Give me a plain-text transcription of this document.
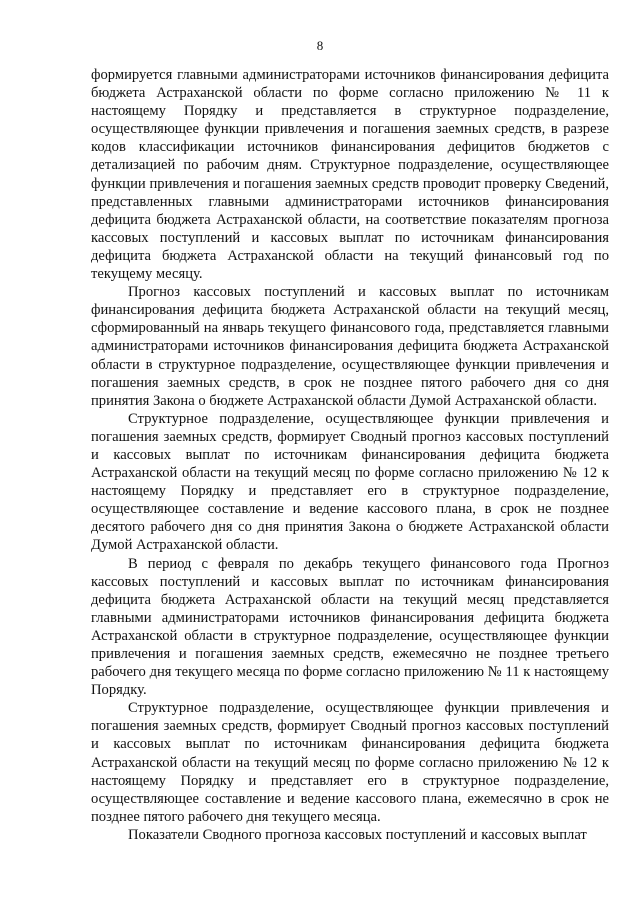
8

формируется главными администраторами источников финансирования дефицита бюджета Астраханской области по форме согласно приложению № 11 к настоящему Порядку и представляется в структурное подразделение, осуществляющее функции привлечения и погашения заемных средств, в разрезе кодов классификации источников финансирования дефицитов бюджетов с детализацией по рабочим дням. Структурное подразделение, осуществляющее функции привлечения и погашения заемных средств проводит проверку Сведений, представленных главными администраторами источников финансирования дефицита бюджета Астраханской области, на соответствие показателям прогноза кассовых поступлений и кассовых выплат по источникам финансирования дефицита бюджета Астраханской области на текущий финансовый год по текущему месяцу.

Прогноз кассовых поступлений и кассовых выплат по источникам финансирования дефицита бюджета Астраханской области на текущий месяц, сформированный на январь текущего финансового года, представляется главными администраторами источников финансирования дефицита бюджета Астраханской области в структурное подразделение, осуществляющее функции привлечения и погашения заемных средств, в срок не позднее пятого рабочего дня со дня принятия Закона о бюджете Астраханской области Думой Астраханской области.

Структурное подразделение, осуществляющее функции привлечения и погашения заемных средств, формирует Сводный прогноз кассовых поступлений и кассовых выплат по источникам финансирования дефицита бюджета Астраханской области на текущий месяц по форме согласно приложению № 12 к настоящему Порядку и представляет его в структурное подразделение, осуществляющее составление и ведение кассового плана, в срок не позднее десятого рабочего дня со дня принятия Закона о бюджете Астраханской области Думой Астраханской области.

В период с февраля по декабрь текущего финансового года Прогноз кассовых поступлений и кассовых выплат по источникам финансирования дефицита бюджета Астраханской области на текущий месяц представляется главными администраторами источников финансирования дефицита бюджета Астраханской области в структурное подразделение, осуществляющее функции привлечения и погашения заемных средств, ежемесячно не позднее третьего рабочего дня текущего месяца по форме согласно приложению № 11 к настоящему Порядку.

Структурное подразделение, осуществляющее функции привлечения и погашения заемных средств, формирует Сводный прогноз кассовых поступлений и кассовых выплат по источникам финансирования дефицита бюджета Астраханской области на текущий месяц по форме согласно приложению № 12 к настоящему Порядку и представляет его в структурное подразделение, осуществляющее составление и ведение кассового плана, ежемесячно в срок не позднее пятого рабочего дня текущего месяца.

Показатели Сводного прогноза кассовых поступлений и кассовых выплат
